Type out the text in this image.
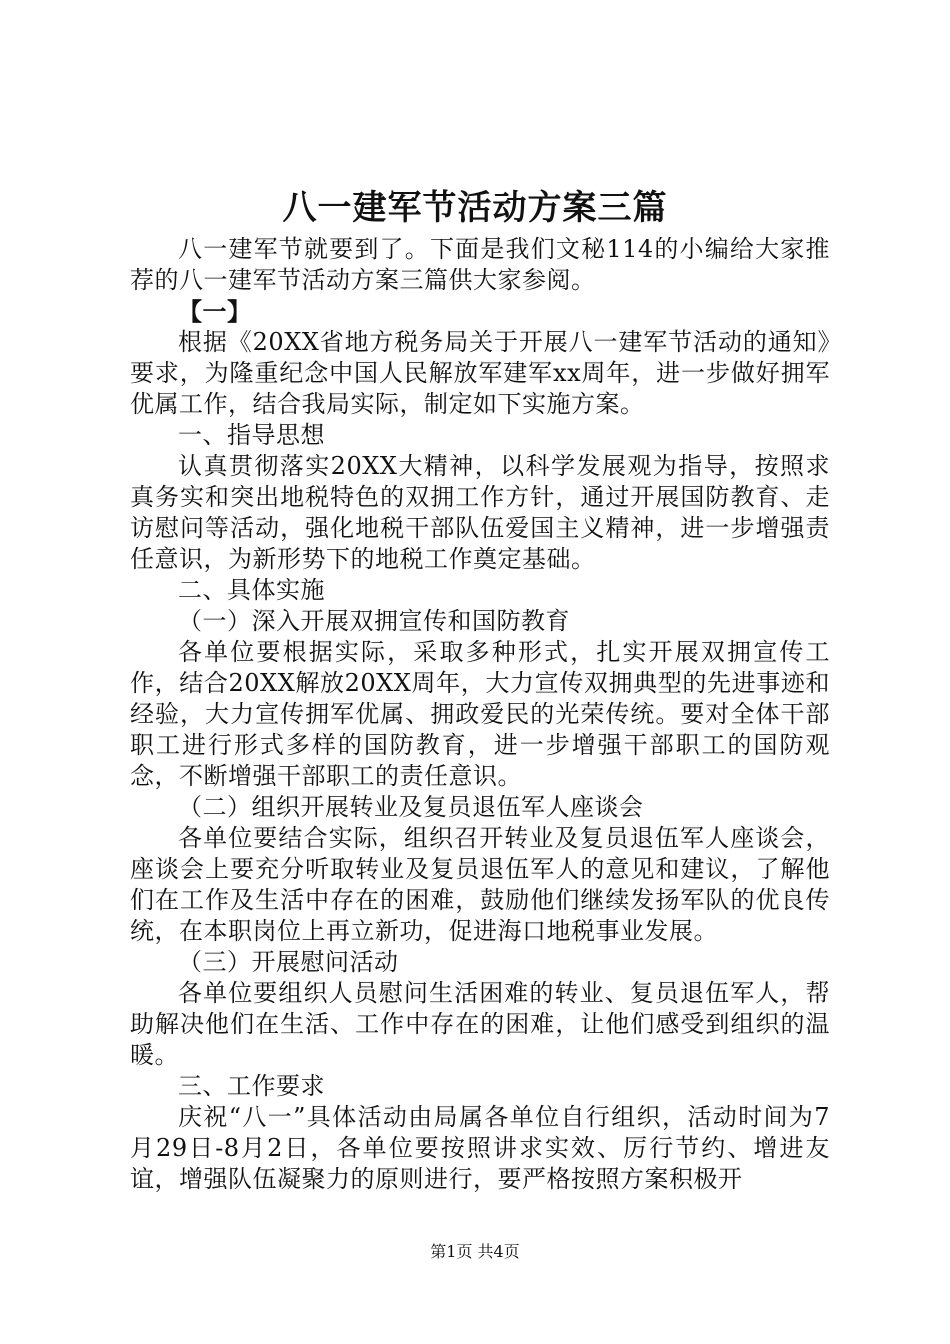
八一建军节活动方案三篇

八一建军节就要到了。下面是我们文秘114的小编给大家推荐的八一建军节活动方案三篇供大家参阅。

【一】

根据《20XX省地方税务局关于开展八一建军节活动的通知》要求，为隆重纪念中国人民解放军建军xx周年，进一步做好拥军优属工作，结合我局实际，制定如下实施方案。

一、指导思想

认真贯彻落实20XX大精神，以科学发展观为指导，按照求真务实和突出地税特色的双拥工作方针，通过开展国防教育、走访慰问等活动，强化地税干部队伍爱国主义精神，进一步增强责任意识，为新形势下的地税工作奠定基础。

二、具体实施

（一）深入开展双拥宣传和国防教育

各单位要根据实际，采取多种形式，扎实开展双拥宣传工作，结合20XX解放20XX周年，大力宣传双拥典型的先进事迹和经验，大力宣传拥军优属、拥政爱民的光荣传统。要对全体干部职工进行形式多样的国防教育，进一步增强干部职工的国防观念，不断增强干部职工的责任意识。

（二）组织开展转业及复员退伍军人座谈会

各单位要结合实际，组织召开转业及复员退伍军人座谈会，座谈会上要充分听取转业及复员退伍军人的意见和建议，了解他们在工作及生活中存在的困难，鼓励他们继续发扬军队的优良传统，在本职岗位上再立新功，促进海口地税事业发展。

（三）开展慰问活动

各单位要组织人员慰问生活困难的转业、复员退伍军人，帮助解决他们在生活、工作中存在的困难，让他们感受到组织的温暖。

三、工作要求

庆祝“八一”具体活动由局属各单位自行组织，活动时间为7月29日-8月2日，各单位要按照讲求实效、厉行节约、增进友谊，增强队伍凝聚力的原则进行，要严格按照方案积极开

第1页 共4页
